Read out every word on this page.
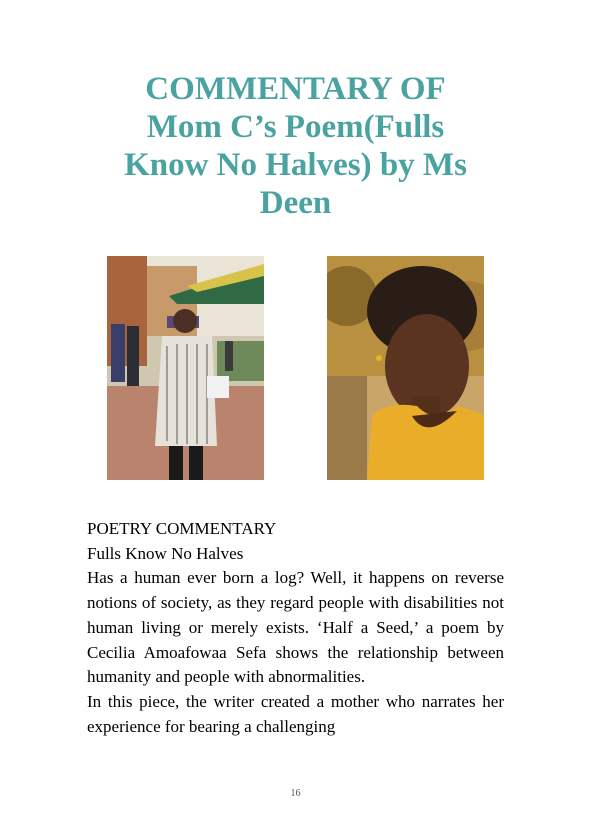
COMMENTARY OF
Mom C’s Poem(Fulls
Know No Halves) by Ms
Deen

POETRY COMMENTARY

Fulls Know No Halves

Has a human ever born a log? Well, it happens on reverse notions of society, as they regard people with disabilities not human living or merely exists. ‘Half a Seed,’ a poem by Cecilia Amoafowaa Sefa shows the relationship between humanity and people with abnormalities.

In this piece, the writer created a mother who narrates her experience for bearing a challenging

16
